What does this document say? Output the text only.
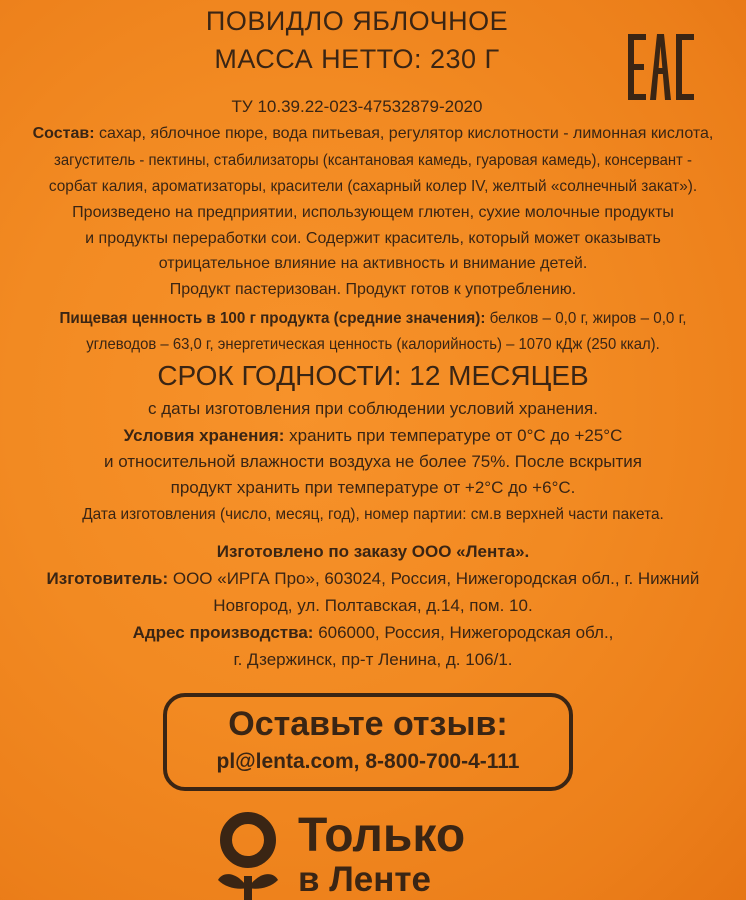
ПОВИДЛО ЯБЛОЧНОЕ
МАССА НЕТТО: 230 Г
ТУ 10.39.22-023-47532879-2020
Состав: сахар, яблочное пюре, вода питьевая, регулятор кислотности - лимонная кислота,
загуститель - пектины, стабилизаторы (ксантановая камедь, гуаровая камедь), консервант -
сорбат калия, ароматизаторы, красители (сахарный колер IV, желтый «солнечный закат»).
Произведено на предприятии, использующем глютен, сухие молочные продукты
и продукты переработки сои. Содержит краситель, который может оказывать
отрицательное влияние на активность и внимание детей.
Продукт пастеризован. Продукт готов к употреблению.
Пищевая ценность в 100 г продукта (средние значения): белков – 0,0 г, жиров – 0,0 г,
углеводов – 63,0 г, энергетическая ценность (калорийность) – 1070 кДж (250 ккал).
СРОК ГОДНОСТИ: 12 МЕСЯЦЕВ
с даты изготовления при соблюдении условий хранения.
Условия хранения: хранить при температуре от 0°С до +25°С
и относительной влажности воздуха не более 75%. После вскрытия
продукт хранить при температуре от +2°С до +6°С.
Дата изготовления (число, месяц, год), номер партии: см.в верхней части пакета.
Изготовлено по заказу ООО «Лента».
Изготовитель: ООО «ИРГА Про», 603024, Россия, Нижегородская обл., г. Нижний
Новгород, ул. Полтавская, д.14, пом. 10.
Адрес производства: 606000, Россия, Нижегородская обл.,
г. Дзержинск, пр-т Ленина, д. 106/1.
Оставьте отзыв:
pl@lenta.com, 8-800-700-4-111
Только
в Ленте
